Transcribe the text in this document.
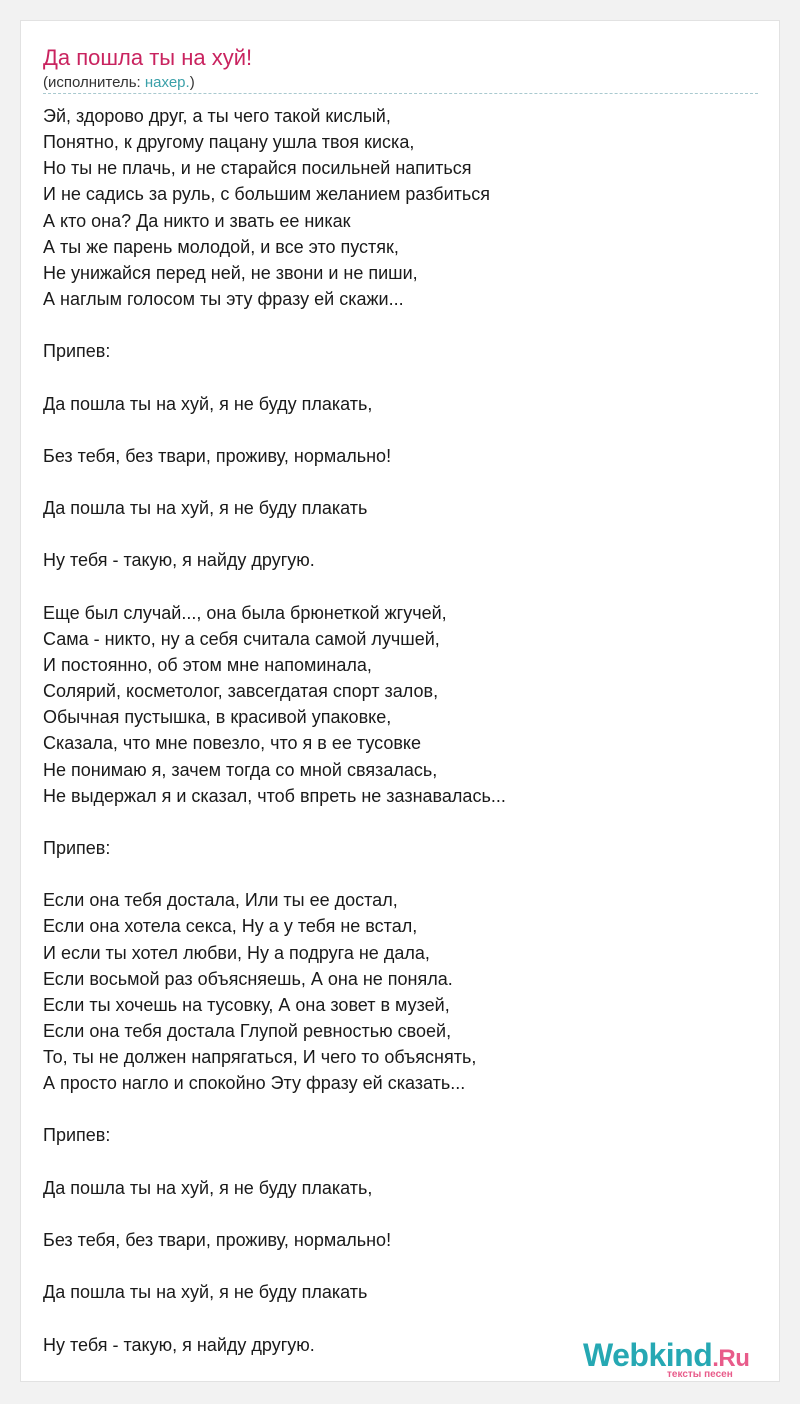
Да пошла ты на хуй!
(исполнитель: нахер.)
Эй, здорово друг, а ты чего такой кислый,
Понятно, к другому пацану ушла твоя киска,
Но ты не плачь, и не старайся посильней напиться
И не садись за руль, с большим желанием разбиться
А кто она? Да никто и звать ее никак
А ты же парень молодой, и все это пустяк,
Не унижайся перед ней, не звони и не пиши,
А наглым голосом ты эту фразу ей скажи...
Припев:
Да пошла ты на хуй, я не буду плакать,
Без тебя, без твари, проживу, нормально!
Да пошла ты на хуй, я не буду плакать
Ну тебя - такую, я найду другую.
Еще был случай..., она была брюнеткой жгучей,
Сама - никто, ну а себя считала самой лучшей,
И постоянно, об этом мне напоминала,
Солярий, косметолог, завсегдатая спорт залов,
Обычная пустышка, в красивой упаковке,
Сказала, что мне повезло, что я в ее тусовке
Не понимаю я, зачем тогда со мной связалась,
Не выдержал я и сказал, чтоб впреть не зазнавалась...
Припев:
Если она тебя достала, Или ты ее достал,
Если она хотела секса, Ну а у тебя не встал,
И если ты хотел любви, Ну а подруга не дала,
Если восьмой раз объясняешь, А она не поняла.
Если ты хочешь на тусовку, А она зовет в музей,
Если она тебя достала Глупой ревностью своей,
То, ты не должен напрягаться, И чего то объяснять,
А просто нагло и спокойно Эту фразу ей сказать...
Припев:
Да пошла ты на хуй, я не буду плакать,
Без тебя, без твари, проживу, нормально!
Да пошла ты на хуй, я не буду плакать
Ну тебя - такую, я найду другую.	Webkind.Ru
тексты песен
